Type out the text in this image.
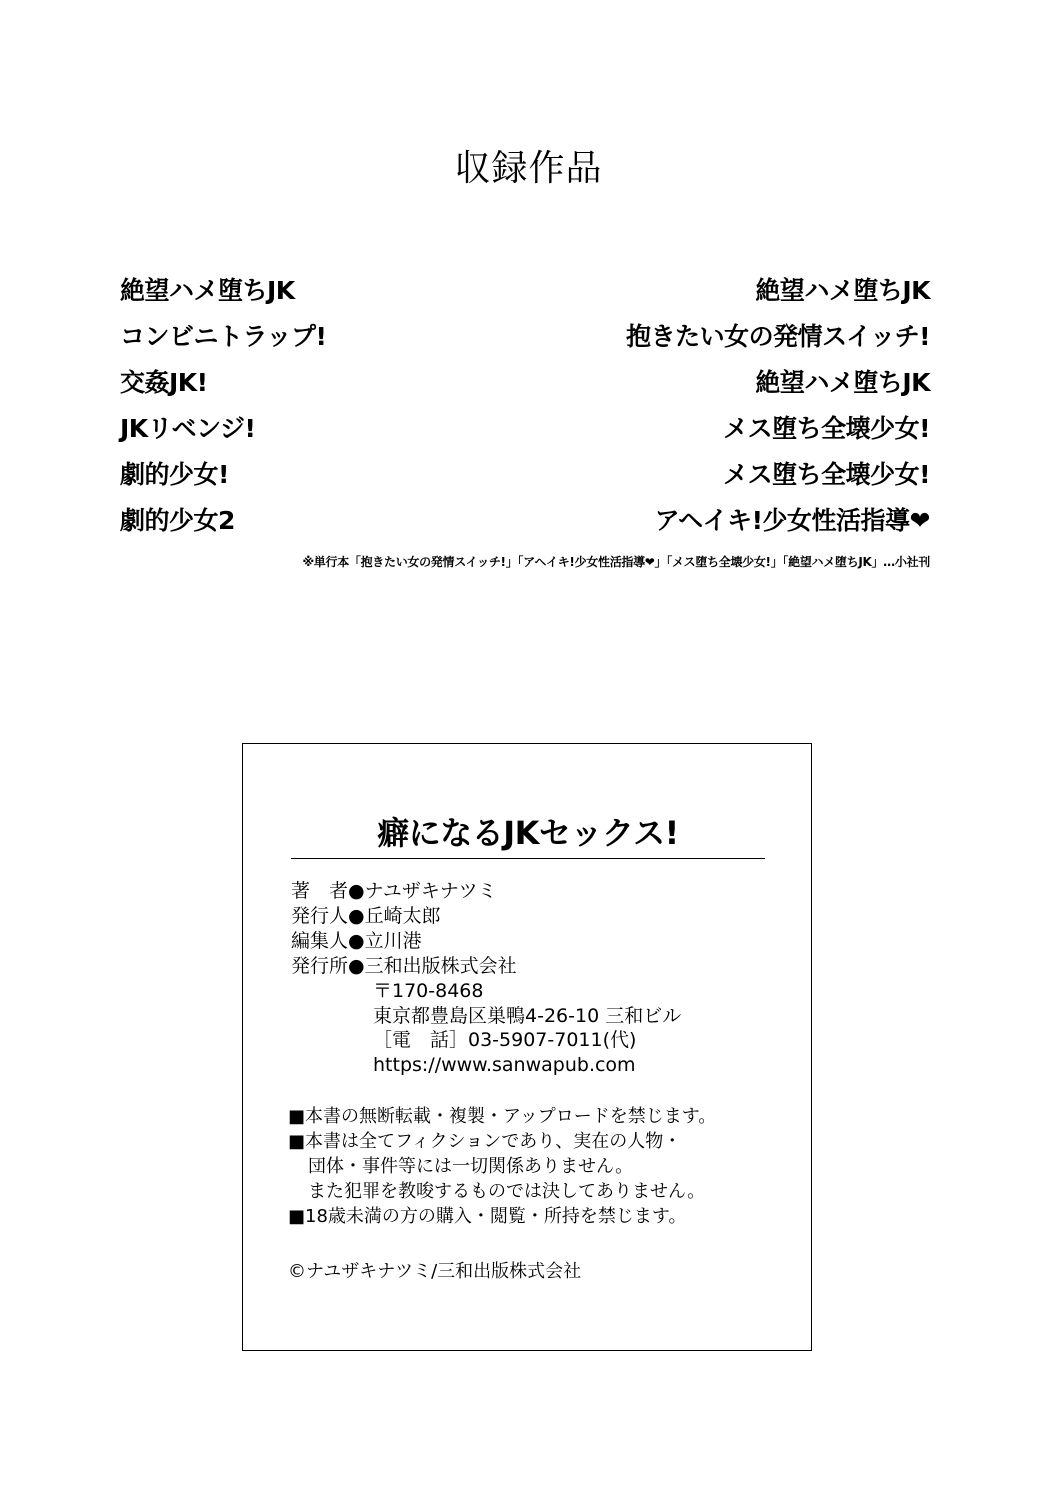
収録作品
絶望ハメ堕ちJK
コンビニトラップ!
交姦JK!
JKリベンジ!
劇的少女!
劇的少女2
絶望ハメ堕ちJK
抱きたい女の発情スイッチ!
絶望ハメ堕ちJK
メス堕ち全壊少女!
メス堕ち全壊少女!
アヘイキ!少女性活指導❤
※単行本「抱きたい女の発情スイッチ!」「アヘイキ!少女性活指導❤」「メス堕ち全壊少女!」「絶望ハメ堕ちJK」…小社刊
癖になるJKセックス!
著　者●ナユザキナツミ
発行人●丘崎太郎
編集人●立川港
発行所●三和出版株式会社
〒170-8468
東京都豊島区巣鴨4-26-10 三和ビル
［電　話］03-5907-7011(代)
https://www.sanwapub.com
■本書の無断転載・複製・アップロードを禁じます。
■本書は全てフィクションであり、実在の人物・
団体・事件等には一切関係ありません。
また犯罪を教唆するものでは決してありません。
■18歳未満の方の購入・閲覧・所持を禁じます。
©ナユザキナツミ/三和出版株式会社
